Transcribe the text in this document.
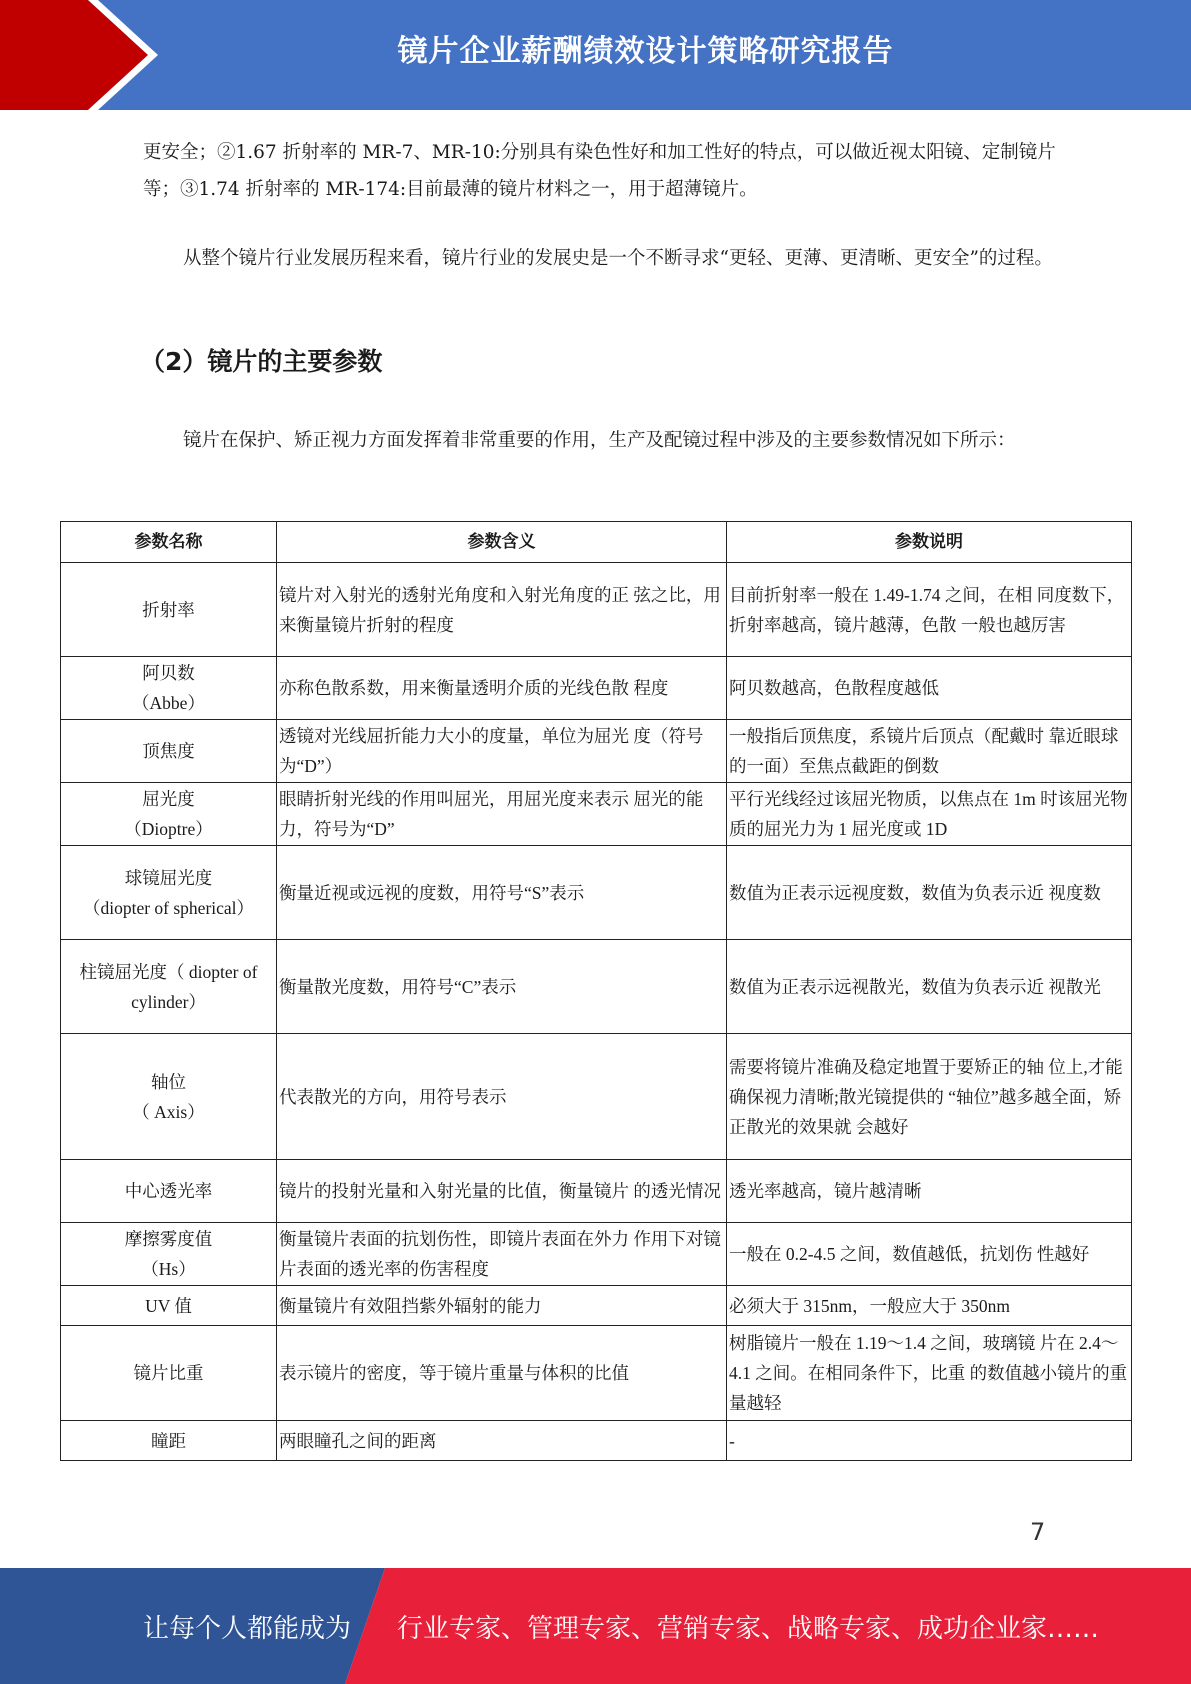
镜片企业薪酬绩效设计策略研究报告

更安全；②1.67 折射率的 MR-7、MR-10:分别具有染色性好和加工性好的特点，可以做近视太阳镜、定制镜片等；③1.74 折射率的 MR-174:目前最薄的镜片材料之一，用于超薄镜片。

从整个镜片行业发展历程来看，镜片行业的发展史是一个不断寻求“更轻、更薄、更清晰、更安全”的过程。

（2）镜片的主要参数

镜片在保护、矫正视力方面发挥着非常重要的作用，生产及配镜过程中涉及的主要参数情况如下所示：

参数名称	参数含义	参数说明

折射率	镜片对入射光的透射光角度和入射光角度的正 弦之比，用来衡量镜片折射的程度	目前折射率一般在 1.49-1.74 之间，在相 同度数下，折射率越高，镜片越薄，色散 一般也越厉害

阿贝数
（Abbe）	亦称色散系数，用来衡量透明介质的光线色散 程度	阿贝数越高，色散程度越低

顶焦度	透镜对光线屈折能力大小的度量，单位为屈光 度（符号为“D”）	一般指后顶焦度，系镜片后顶点（配戴时 靠近眼球的一面）至焦点截距的倒数

屈光度
（Dioptre）	眼睛折射光线的作用叫屈光，用屈光度来表示 屈光的能力，符号为“D”	平行光线经过该屈光物质，以焦点在 1m 时该屈光物质的屈光力为 1 屈光度或 1D

球镜屈光度
（diopter of spherical）	衡量近视或远视的度数，用符号“S”表示	数值为正表示远视度数，数值为负表示近 视度数

柱镜屈光度（ diopter of
cylinder）	衡量散光度数，用符号“C”表示	数值为正表示远视散光，数值为负表示近 视散光

轴位
（ Axis）	代表散光的方向，用符号表示	需要将镜片准确及稳定地置于要矫正的轴 位上,才能确保视力清晰;散光镜提供的 “轴位”越多越全面，矫正散光的效果就 会越好

中心透光率	镜片的投射光量和入射光量的比值，衡量镜片 的透光情况	透光率越高，镜片越清晰

摩擦雾度值
（Hs）	衡量镜片表面的抗划伤性，即镜片表面在外力 作用下对镜片表面的透光率的伤害程度	一般在 0.2-4.5 之间，数值越低，抗划伤 性越好

UV 值	衡量镜片有效阻挡紫外辐射的能力	必须大于 315nm，一般应大于 350nm

镜片比重	表示镜片的密度，等于镜片重量与体积的比值	树脂镜片一般在 1.19～1.4 之间，玻璃镜 片在 2.4～4.1 之间。在相同条件下，比重 的数值越小镜片的重量越轻

瞳距	两眼瞳孔之间的距离	-
7
让每个人都能成为 行业专家、管理专家、营销专家、战略专家、成功企业家……
